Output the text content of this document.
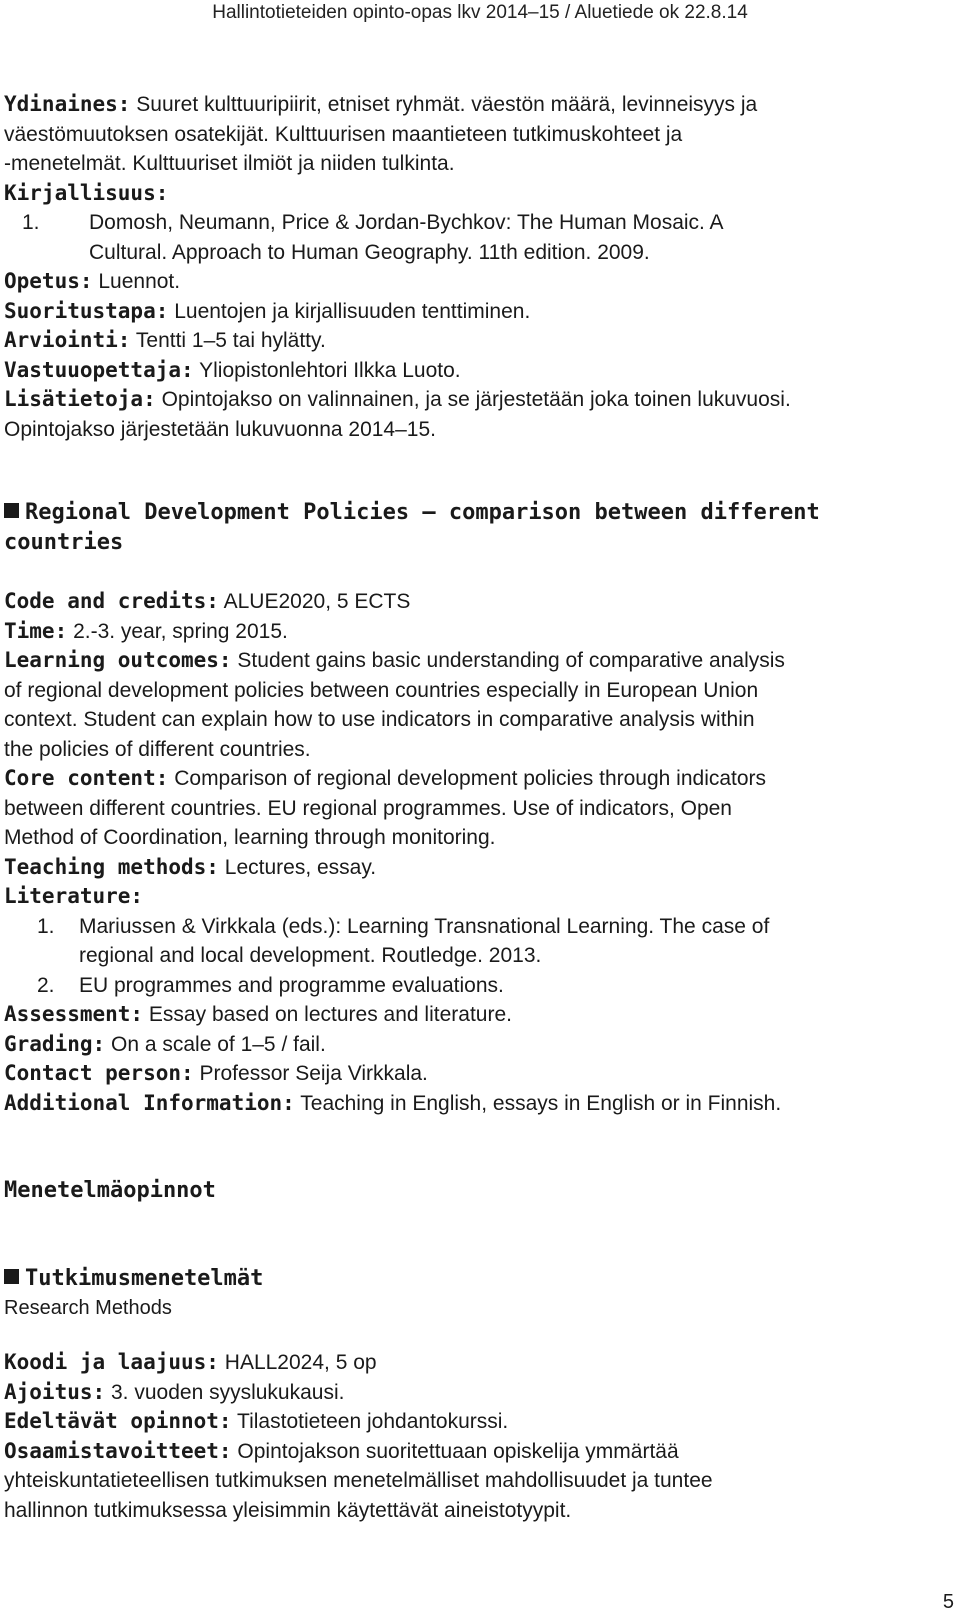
Hallintotieteiden opinto-opas lkv 2014–15 / Aluetiede ok 22.8.14

Ydinaines: Suuret kulttuuripiirit, etniset ryhmät. väestön määrä, levinneisyys ja

väestömuutoksen osatekijät. Kulttuurisen maantieteen tutkimuskohteet ja

-menetelmät. Kulttuuriset ilmiöt ja niiden tulkinta.

Kirjallisuus:

1.	Domosh, Neumann, Price & Jordan-Bychkov: The Human Mosaic. A
Cultural. Approach to Human Geography. 11th edition. 2009.

Opetus: Luennot.

Suoritustapa: Luentojen ja kirjallisuuden tenttiminen.

Arviointi: Tentti 1–5 tai hylätty.

Vastuuopettaja: Yliopistonlehtori Ilkka Luoto.

Lisätietoja: Opintojakso on valinnainen, ja se järjestetään joka toinen lukuvuosi.

Opintojakso järjestetään lukuvuonna 2014–15.

Regional Development Policies – comparison between different

countries

Code and credits: ALUE2020, 5 ECTS

Time: 2.-3. year, spring 2015.

Learning outcomes: Student gains basic understanding of comparative analysis

of regional development policies between countries especially in European Union

context. Student can explain how to use indicators in comparative analysis within

the policies of different countries.

Core content: Comparison of regional development policies through indicators

between different countries. EU regional programmes. Use of indicators, Open

Method of Coordination, learning through monitoring.

Teaching methods: Lectures, essay.

Literature:

1.	Mariussen & Virkkala (eds.): Learning Transnational Learning. The case of
regional and local development. Routledge. 2013.
2.	EU programmes and programme evaluations.

Assessment: Essay based on lectures and literature.

Grading: On a scale of 1–5 / fail.

Contact person: Professor Seija Virkkala.

Additional Information: Teaching in English, essays in English or in Finnish.

Menetelmäopinnot

Tutkimusmenetelmät

Research Methods

Koodi ja laajuus: HALL2024, 5 op

Ajoitus: 3. vuoden syyslukukausi.

Edeltävät opinnot: Tilastotieteen johdantokurssi.

Osaamistavoitteet: Opintojakson suoritettuaan opiskelija ymmärtää

yhteiskuntatieteellisen tutkimuksen menetelmälliset mahdollisuudet ja tuntee

hallinnon tutkimuksessa yleisimmin käytettävät aineistotyypit.

5
